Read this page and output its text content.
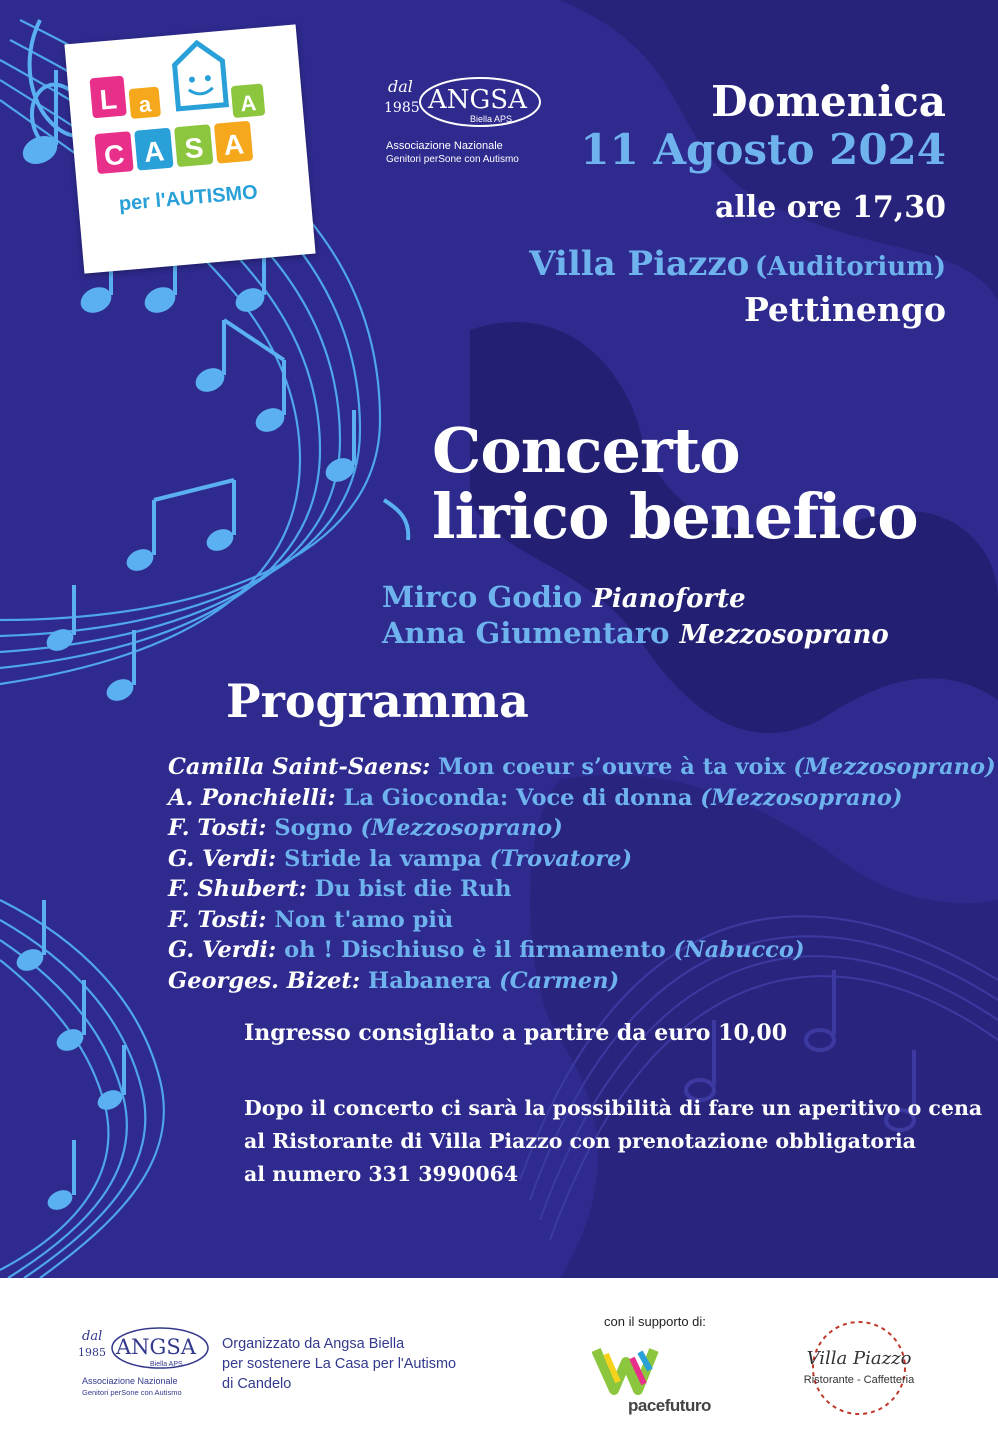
L a	A
C A S A
per l'AUTISMO
dal
1985 ANGSA
Biella APS
Associazione Nazionale
Genitori perSone con Autismo
Domenica
11 Agosto 2024
alle ore 17,30
Villa Piazzo (Auditorium)
Pettinengo
Concerto
lirico benefico
Mirco Godio Pianoforte
Anna Giumentaro Mezzosoprano
Programma
Camilla Saint-Saens: Mon coeur s’ouvre à ta voix (Mezzosoprano)
A. Ponchielli: La Gioconda: Voce di donna (Mezzosoprano)
F. Tosti: Sogno (Mezzosoprano)
G. Verdi: Stride la vampa (Trovatore)
F. Shubert: Du bist die Ruh
F. Tosti: Non t'amo più
G. Verdi: oh ! Dischiuso è il firmamento (Nabucco)
Georges. Bizet: Habanera (Carmen)
Ingresso consigliato a partire da euro 10,00
Dopo il concerto ci sarà la possibilità di fare un aperitivo o cena
al Ristorante di Villa Piazzo con prenotazione obbligatoria
al numero 331 3990064
dal
1985 ANGSA
Biella APS
Associazione Nazionale
Genitori perSone con Autismo
Organizzato da Angsa Biella
per sostenere La Casa per l'Autismo
di Candelo
con il supporto di:
pacefuturo
Villa Piazzo
Ristorante - Caffetteria
